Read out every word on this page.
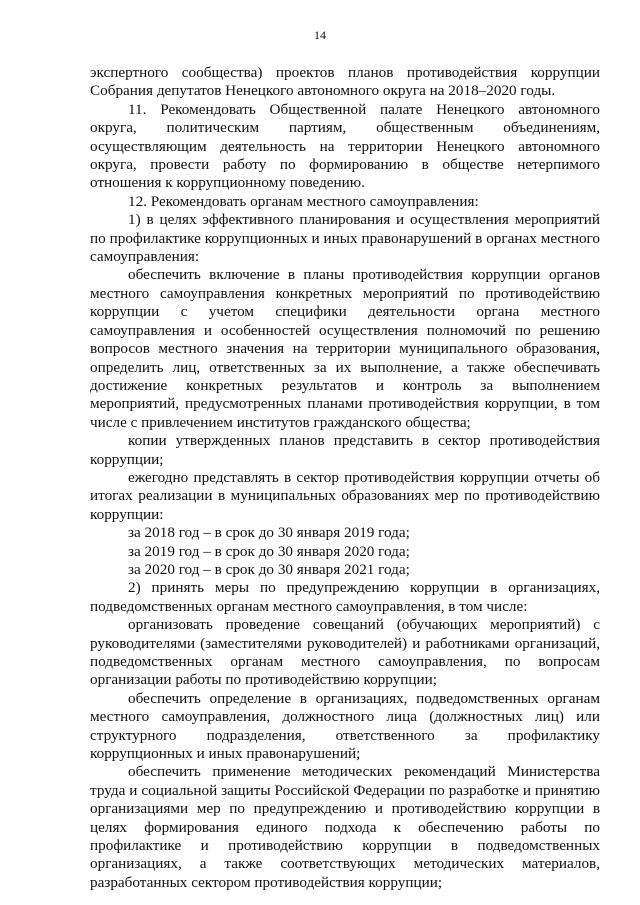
14

экспертного сообщества) проектов планов противодействия коррупции Собрания депутатов Ненецкого автономного округа на 2018–2020 годы.

11. Рекомендовать Общественной палате Ненецкого автономного округа, политическим партиям, общественным объединениям, осуществляющим деятельность на территории Ненецкого автономного округа, провести работу по формированию в обществе нетерпимого отношения к коррупционному поведению.

12. Рекомендовать органам местного самоуправления:

1) в целях эффективного планирования и осуществления мероприятий по профилактике коррупционных и иных правонарушений в органах местного самоуправления:

обеспечить включение в планы противодействия коррупции органов местного самоуправления конкретных мероприятий по противодействию коррупции с учетом специфики деятельности органа местного самоуправления и особенностей осуществления полномочий по решению вопросов местного значения на территории муниципального образования, определить лиц, ответственных за их выполнение, а также обеспечивать достижение конкретных результатов и контроль за выполнением мероприятий, предусмотренных планами противодействия коррупции, в том числе с привлечением институтов гражданского общества;

копии утвержденных планов представить в сектор противодействия коррупции;

ежегодно представлять в сектор противодействия коррупции отчеты об итогах реализации в муниципальных образованиях мер по противодействию коррупции:

за 2018 год – в срок до 30 января 2019 года;

за 2019 год – в срок до 30 января 2020 года;

за 2020 год – в срок до 30 января 2021 года;

2) принять меры по предупреждению коррупции в организациях, подведомственных органам местного самоуправления, в том числе:

организовать проведение совещаний (обучающих мероприятий) с руководителями (заместителями руководителей) и работниками организаций, подведомственных органам местного самоуправления, по вопросам организации работы по противодействию коррупции;

обеспечить определение в организациях, подведомственных органам местного самоуправления, должностного лица (должностных лиц) или структурного подразделения, ответственного за профилактику коррупционных и иных правонарушений;

обеспечить применение методических рекомендаций Министерства труда и социальной защиты Российской Федерации по разработке и принятию организациями мер по предупреждению и противодействию коррупции в целях формирования единого подхода к обеспечению работы по профилактике и противодействию коррупции в подведомственных организациях, а также соответствующих методических материалов, разработанных сектором противодействия коррупции;
